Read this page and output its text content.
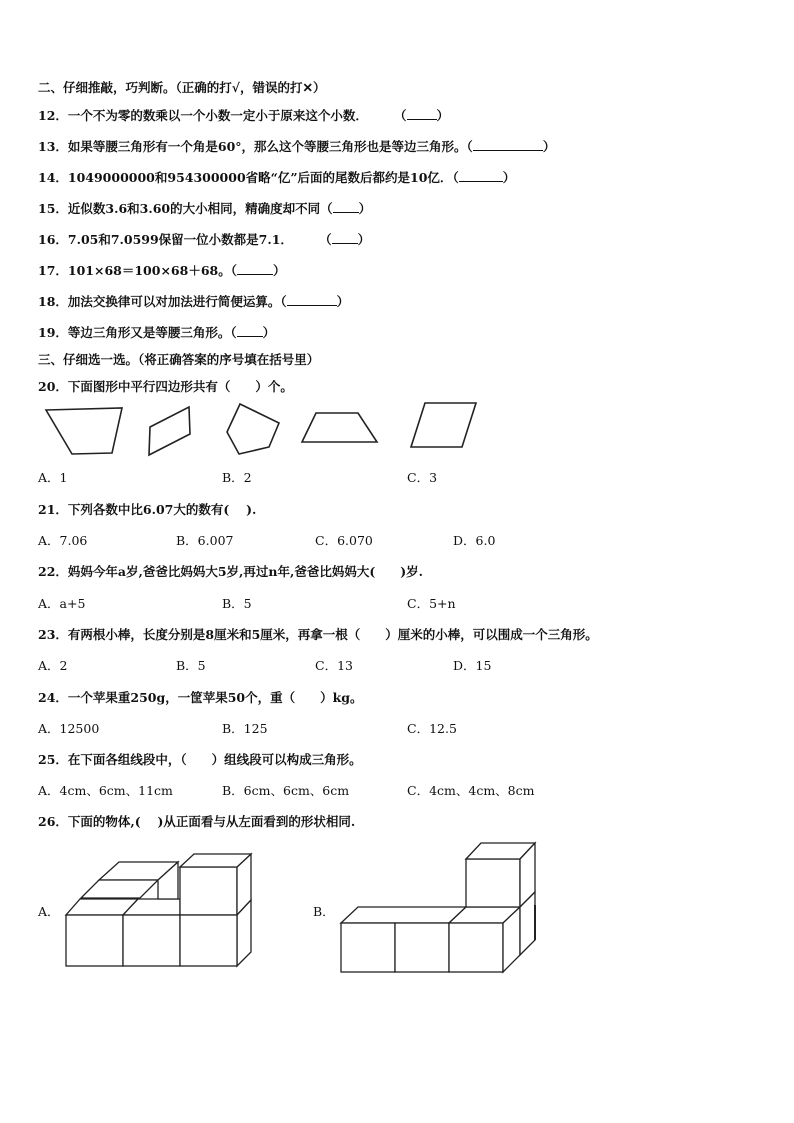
二、仔细推敲，巧判断。（正确的打√，错误的打✕）
12．一个不为零的数乘以一个小数一定小于原来这个小数． （ ）
13．如果等腰三角形有一个角是60°，那么这个等腰三角形也是等边三角形。（	）
14．1049000000和954300000省略“亿”后面的尾数后都约是10亿．（	）
15．近似数3.6和3.60的大小相同，精确度却不同（ ）
16．7.05和7.0599保留一位小数都是7.1． （ ）
17．101×68＝100×68＋68。（	）
18．加法交换律可以对加法进行简便运算。（	）
19．等边三角形又是等腰三角形。（ ）
三、仔细选一选。（将正确答案的序号填在括号里）
20．下面图形中平行四边形共有（　　）个。
A．1	B．2	C．3
21．下列各数中比6.07大的数有(　 ).
A．7.06	B．6.007	C．6.070	D．6.0
22．妈妈今年a岁,爸爸比妈妈大5岁,再过n年,爸爸比妈妈大(　　)岁.
A．a+5	B．5	C．5+n
23．有两根小棒，长度分别是8厘米和5厘米，再拿一根（　　）厘米的小棒，可以围成一个三角形。
A．2	B．5	C．13	D．15
24．一个苹果重250g，一筐苹果50个，重（　　）kg。
A．12500	B．125	C．12.5
25．在下面各组线段中，（　　）组线段可以构成三角形。
A．4cm、6cm、11cm	B．6cm、6cm、6cm	C．4cm、4cm、8cm
26．下面的物体,(　 )从正面看与从左面看到的形状相同.
A．	B．
